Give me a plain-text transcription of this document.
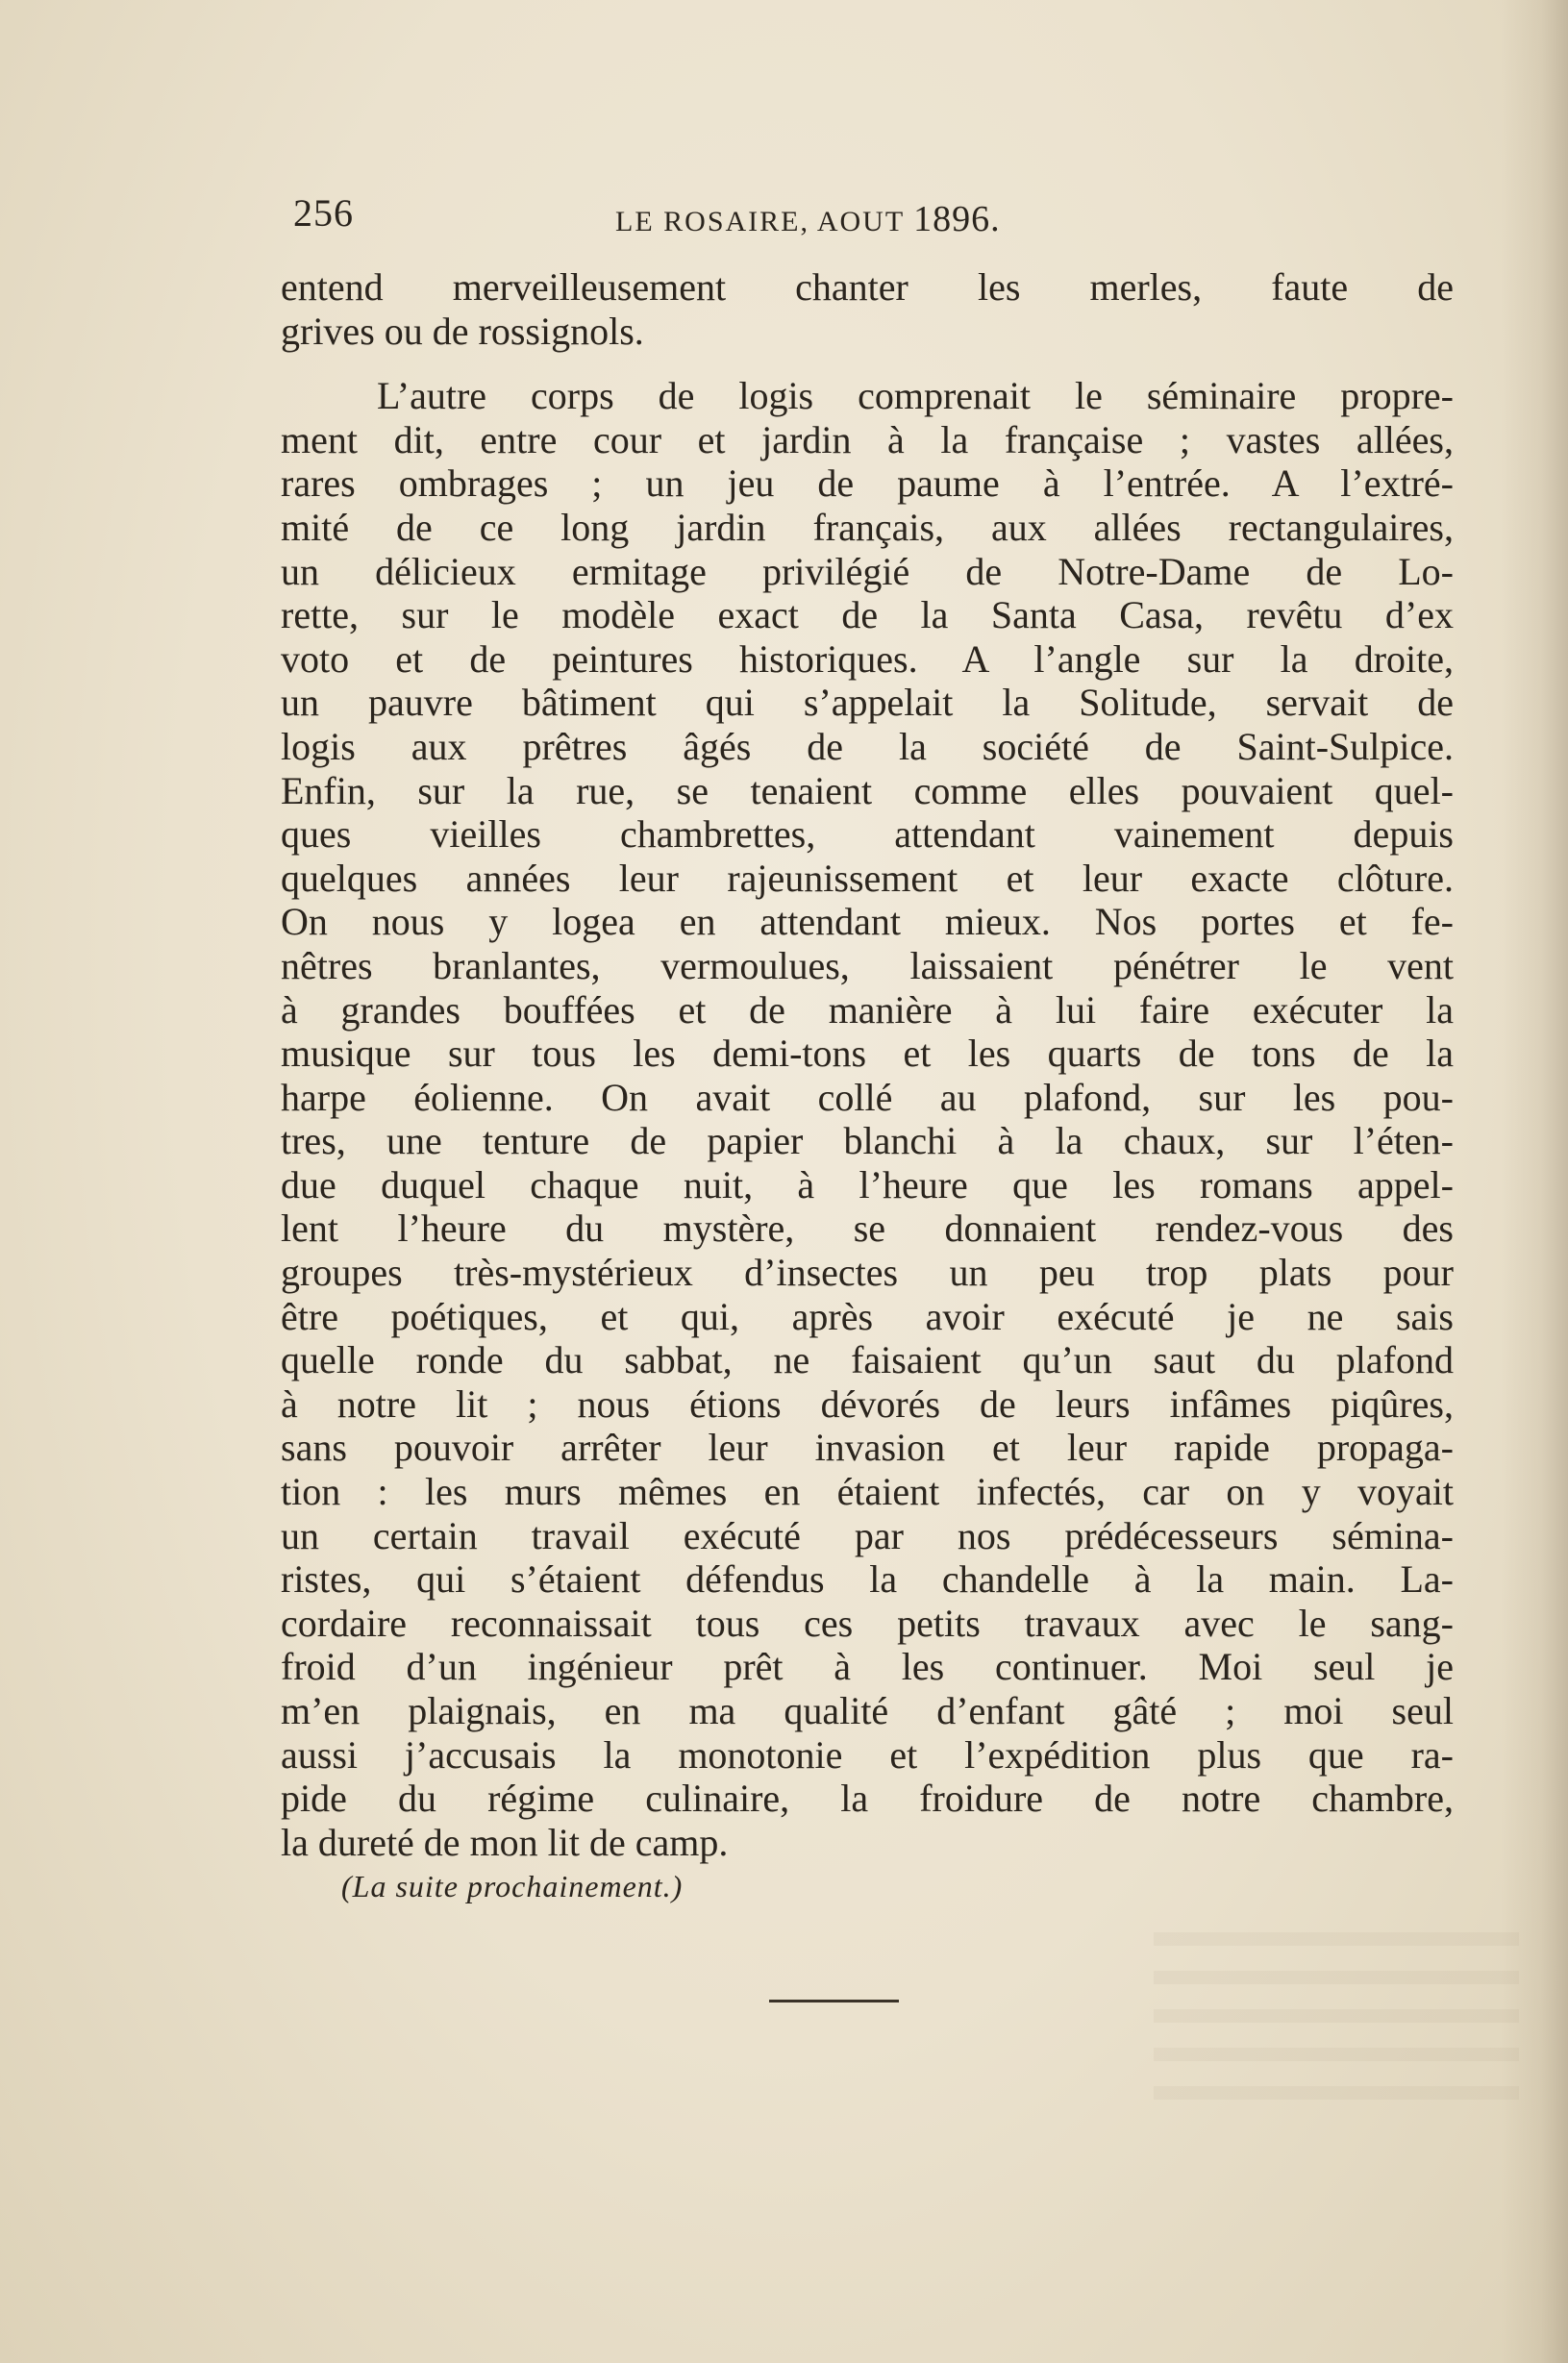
256	LE ROSAIRE, AOUT 1896.
entend merveilleusement chanter les merles, faute de
grives ou de rossignols.
L’autre corps de logis comprenait le séminaire propre-
ment dit, entre cour et jardin à la française ; vastes allées,
rares ombrages ; un jeu de paume à l’entrée. A l’extré-
mité de ce long jardin français, aux allées rectangulaires,
un délicieux ermitage privilégié de Notre-Dame de Lo-
rette, sur le modèle exact de la Santa Casa, revêtu d’ex
voto et de peintures historiques. A l’angle sur la droite,
un pauvre bâtiment qui s’appelait la Solitude, servait de
logis aux prêtres âgés de la société de Saint-Sulpice.
Enfin, sur la rue, se tenaient comme elles pouvaient quel-
ques vieilles chambrettes, attendant vainement depuis
quelques années leur rajeunissement et leur exacte clôture.
On nous y logea en attendant mieux. Nos portes et fe-
nêtres branlantes, vermoulues, laissaient pénétrer le vent
à grandes bouffées et de manière à lui faire exécuter la
musique sur tous les demi-tons et les quarts de tons de la
harpe éolienne. On avait collé au plafond, sur les pou-
tres, une tenture de papier blanchi à la chaux, sur l’éten-
due duquel chaque nuit, à l’heure que les romans appel-
lent l’heure du mystère, se donnaient rendez-vous des
groupes très-mystérieux d’insectes un peu trop plats pour
être poétiques, et qui, après avoir exécuté je ne sais
quelle ronde du sabbat, ne faisaient qu’un saut du plafond
à notre lit ; nous étions dévorés de leurs infâmes piqûres,
sans pouvoir arrêter leur invasion et leur rapide propaga-
tion : les murs mêmes en étaient infectés, car on y voyait
un certain travail exécuté par nos prédécesseurs sémina-
ristes, qui s’étaient défendus la chandelle à la main. La-
cordaire reconnaissait tous ces petits travaux avec le sang-
froid d’un ingénieur prêt à les continuer. Moi seul je
m’en plaignais, en ma qualité d’enfant gâté ; moi seul
aussi j’accusais la monotonie et l’expédition plus que ra-
pide du régime culinaire, la froidure de notre chambre,
la dureté de mon lit de camp.
(La suite prochainement.)
